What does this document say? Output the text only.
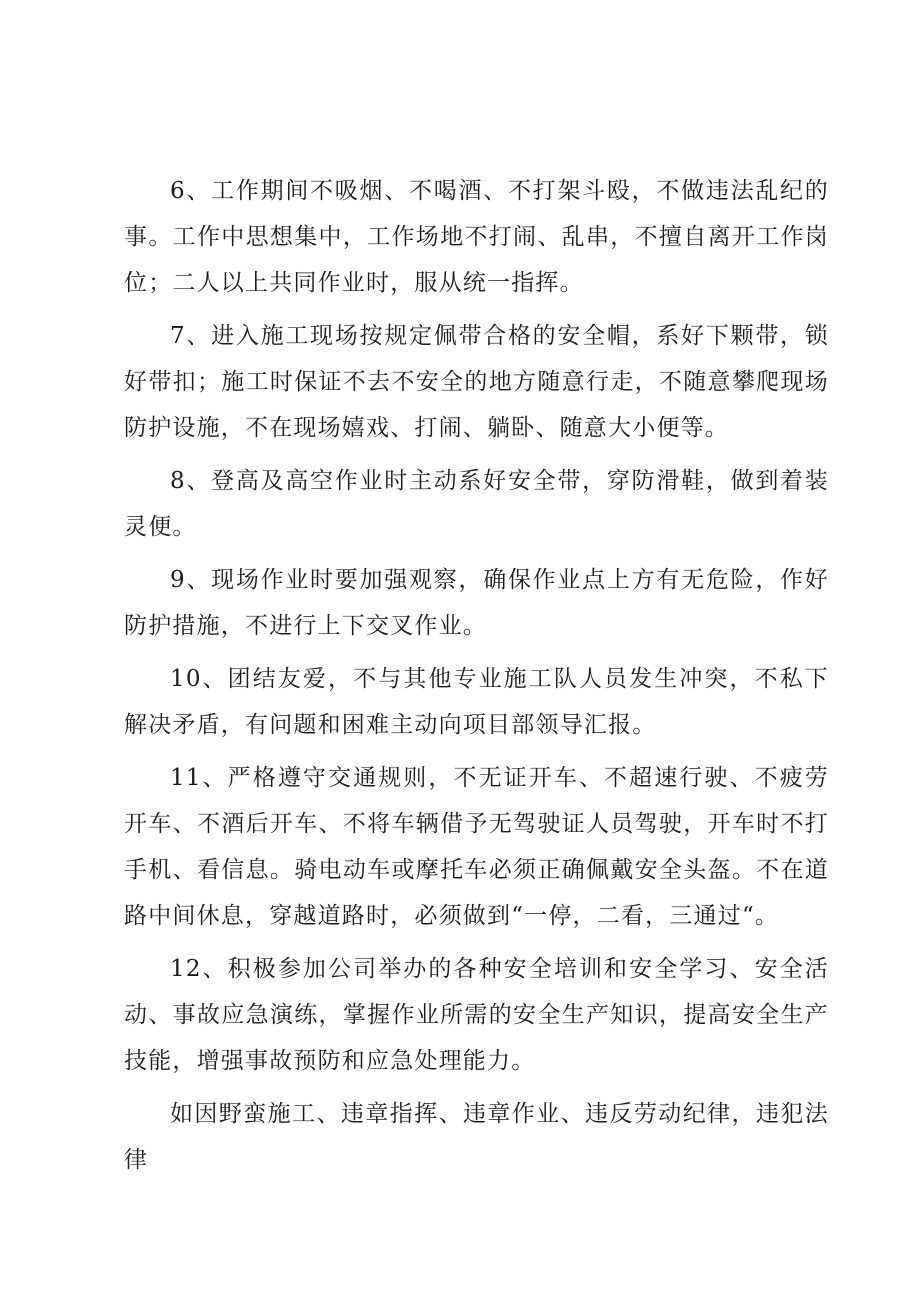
6、工作期间不吸烟、不喝酒、不打架斗殴，不做违法乱纪的事。工作中思想集中，工作场地不打闹、乱串，不擅自离开工作岗位；二人以上共同作业时，服从统一指挥。

7、进入施工现场按规定佩带合格的安全帽，系好下颗带，锁好带扣；施工时保证不去不安全的地方随意行走，不随意攀爬现场防护设施，不在现场嬉戏、打闹、躺卧、随意大小便等。

8、登高及高空作业时主动系好安全带，穿防滑鞋，做到着装灵便。

9、现场作业时要加强观察，确保作业点上方有无危险，作好防护措施，不进行上下交叉作业。

10、团结友爱，不与其他专业施工队人员发生冲突，不私下解决矛盾，有问题和困难主动向项目部领导汇报。

11、严格遵守交通规则，不无证开车、不超速行驶、不疲劳开车、不酒后开车、不将车辆借予无驾驶证人员驾驶，开车时不打手机、看信息。骑电动车或摩托车必须正确佩戴安全头盔。不在道路中间休息，穿越道路时，必须做到“一停，二看，三通过“。

12、积极参加公司举办的各种安全培训和安全学习、安全活动、事故应急演练，掌握作业所需的安全生产知识，提高安全生产技能，增强事故预防和应急处理能力。

如因野蛮施工、违章指挥、违章作业、违反劳动纪律，违犯法律
